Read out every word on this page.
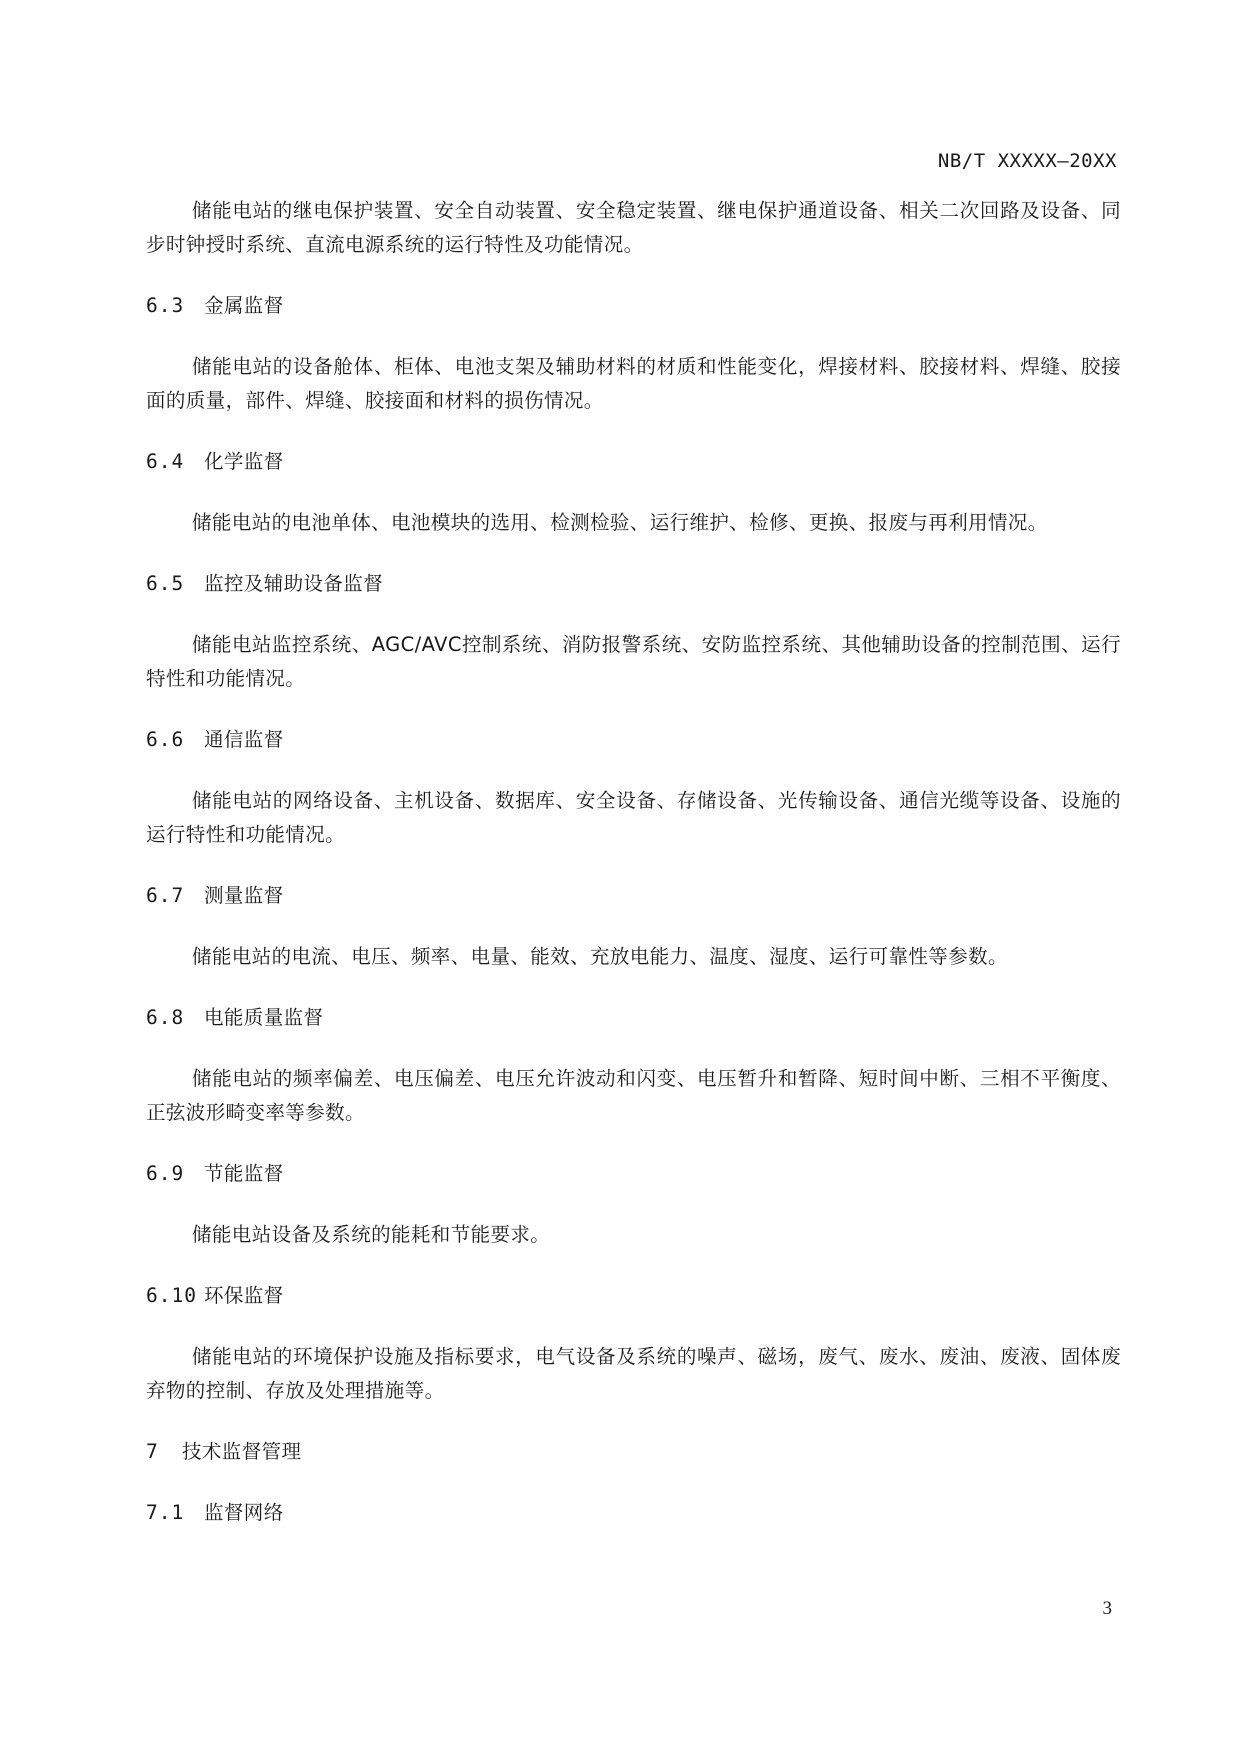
NB/T XXXXX—20XX

储能电站的继电保护装置、安全自动装置、安全稳定装置、继电保护通道设备、相关二次回路及设备、同步时钟授时系统、直流电源系统的运行特性及功能情况。

6.3 金属监督

储能电站的设备舱体、柜体、电池支架及辅助材料的材质和性能变化，焊接材料、胶接材料、焊缝、胶接面的质量，部件、焊缝、胶接面和材料的损伤情况。

6.4 化学监督

储能电站的电池单体、电池模块的选用、检测检验、运行维护、检修、更换、报废与再利用情况。

6.5 监控及辅助设备监督

储能电站监控系统、AGC/AVC控制系统、消防报警系统、安防监控系统、其他辅助设备的控制范围、运行特性和功能情况。

6.6 通信监督

储能电站的网络设备、主机设备、数据库、安全设备、存储设备、光传输设备、通信光缆等设备、设施的运行特性和功能情况。

6.7 测量监督

储能电站的电流、电压、频率、电量、能效、充放电能力、温度、湿度、运行可靠性等参数。

6.8 电能质量监督

储能电站的频率偏差、电压偏差、电压允许波动和闪变、电压暂升和暂降、短时间中断、三相不平衡度、正弦波形畸变率等参数。

6.9 节能监督

储能电站设备及系统的能耗和节能要求。

6.10 环保监督

储能电站的环境保护设施及指标要求，电气设备及系统的噪声、磁场，废气、废水、废油、废液、固体废弃物的控制、存放及处理措施等。

7 技术监督管理

7.1 监督网络

3
